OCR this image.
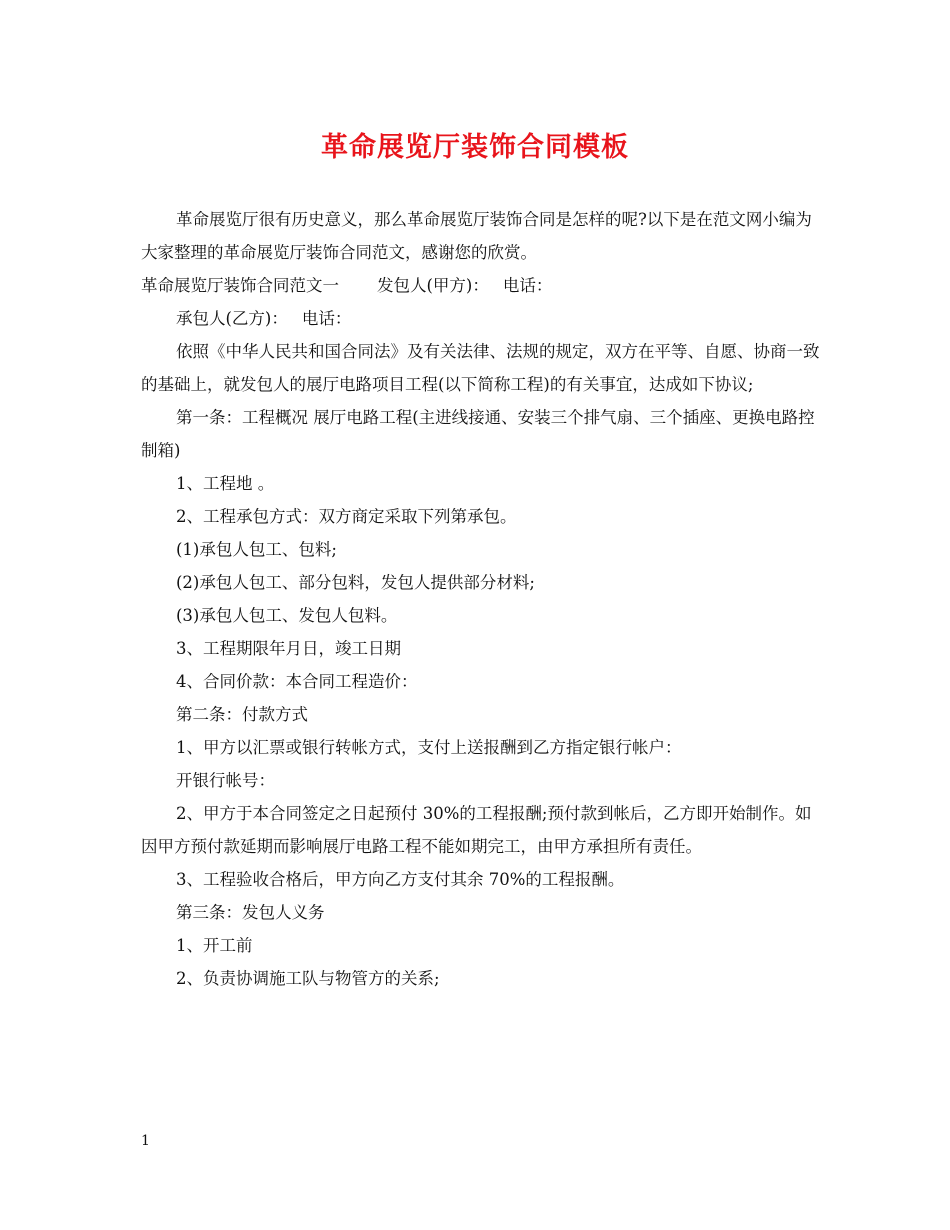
革命展览厅装饰合同模板

革命展览厅很有历史意义，那么革命展览厅装饰合同是怎样的呢?以下是在范文网小编为大家整理的革命展览厅装饰合同范文，感谢您的欣赏。

革命展览厅装饰合同范文一 发包人(甲方)： 电话：

承包人(乙方)： 电话：

依照《中华人民共和国合同法》及有关法律、法规的规定，双方在平等、自愿、协商一致的基础上，就发包人的展厅电路项目工程(以下简称工程)的有关事宜，达成如下协议;

第一条：工程概况 展厅电路工程(主进线接通、安装三个排气扇、三个插座、更换电路控制箱)

1、工程地 。

2、工程承包方式：双方商定采取下列第承包。

(1)承包人包工、包料;

(2)承包人包工、部分包料，发包人提供部分材料;

(3)承包人包工、发包人包料。

3、工程期限年月日，竣工日期

4、合同价款：本合同工程造价：

第二条：付款方式

1、甲方以汇票或银行转帐方式，支付上送报酬到乙方指定银行帐户：

开银行帐号：

2、甲方于本合同签定之日起预付 30%的工程报酬;预付款到帐后，乙方即开始制作。如因甲方预付款延期而影响展厅电路工程不能如期完工，由甲方承担所有责任。

3、工程验收合格后，甲方向乙方支付其余 70%的工程报酬。

第三条：发包人义务

1、开工前

2、负责协调施工队与物管方的关系;

1
